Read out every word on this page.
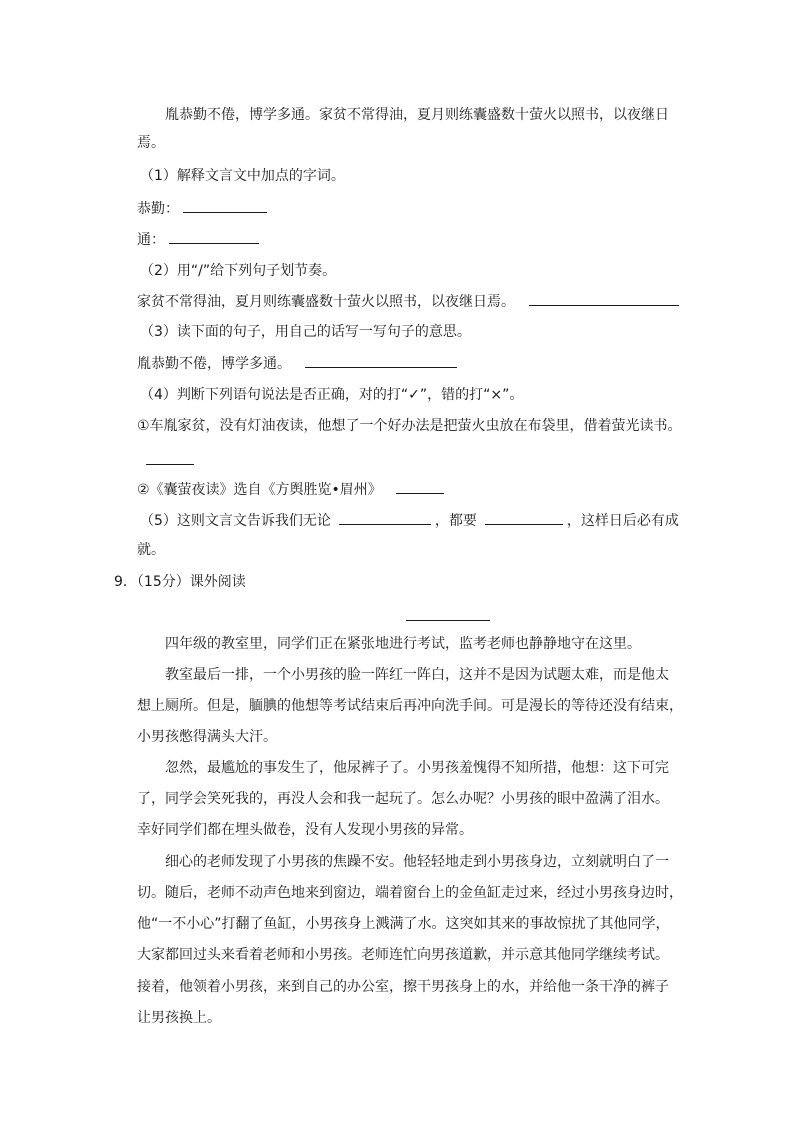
胤恭勤不倦，博学多通。家贫不常得油，夏月则练囊盛数十萤火以照书，以夜继日
焉。
（1）解释文言文中加点的字词。
恭勤：
通：
（2）用“/”给下列句子划节奏。
家贫不常得油，夏月则练囊盛数十萤火以照书，以夜继日焉。
（3）读下面的句子，用自己的话写一写句子的意思。
胤恭勤不倦，博学多通。
（4）判断下列语句说法是否正确，对的打“✓”，错的打“×”。
①车胤家贫，没有灯油夜读，他想了一个好办法是把萤火虫放在布袋里，借着萤光读书。
②《囊萤夜读》选自《方舆胜览•眉州》
（5）这则文言文告诉我们无论	，都要	，这样日后必有成
就。
9．（15分）课外阅读
四年级的教室里，同学们正在紧张地进行考试，监考老师也静静地守在这里。
教室最后一排，一个小男孩的脸一阵红一阵白，这并不是因为试题太难，而是他太
想上厕所。但是，腼腆的他想等考试结束后再冲向洗手间。可是漫长的等待还没有结束，
小男孩憋得满头大汗。
忽然，最尴尬的事发生了，他尿裤子了。小男孩羞愧得不知所措，他想：这下可完
了，同学会笑死我的，再没人会和我一起玩了。怎么办呢？小男孩的眼中盈满了泪水。
幸好同学们都在埋头做卷，没有人发现小男孩的异常。
细心的老师发现了小男孩的焦躁不安。他轻轻地走到小男孩身边，立刻就明白了一
切。随后，老师不动声色地来到窗边，端着窗台上的金鱼缸走过来，经过小男孩身边时，
他“一不小心”打翻了鱼缸，小男孩身上溅满了水。这突如其来的事故惊扰了其他同学，
大家都回过头来看着老师和小男孩。老师连忙向男孩道歉，并示意其他同学继续考试。
接着，他领着小男孩，来到自己的办公室，擦干男孩身上的水，并给他一条干净的裤子
让男孩换上。
